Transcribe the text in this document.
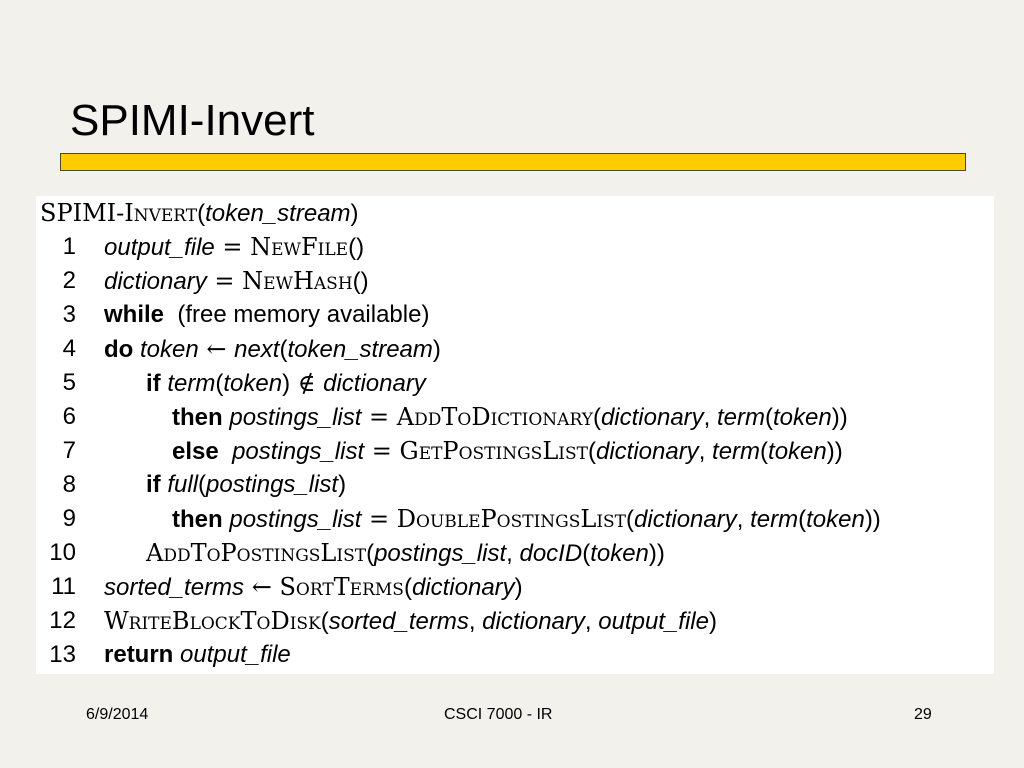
SPIMI-Invert
SPIMI-Invert(token_stream)
1 output_file = NewFile()
2 dictionary = NewHash()
3 while (free memory available)
4 do token ← next(token_stream)
5	if term(token) ∉ dictionary
6	then postings_list = AddToDictionary(dictionary, term(token))
7	else postings_list = GetPostingsList(dictionary, term(token))
8	if full(postings_list)
9	then postings_list = DoublePostingsList(dictionary, term(token))
10	AddToPostingsList(postings_list, docID(token))
11 sorted_terms ← SortTerms(dictionary)
12 WriteBlockToDisk(sorted_terms, dictionary, output_file)
13 return output_file
6/9/2014	CSCI 7000 - IR	29
